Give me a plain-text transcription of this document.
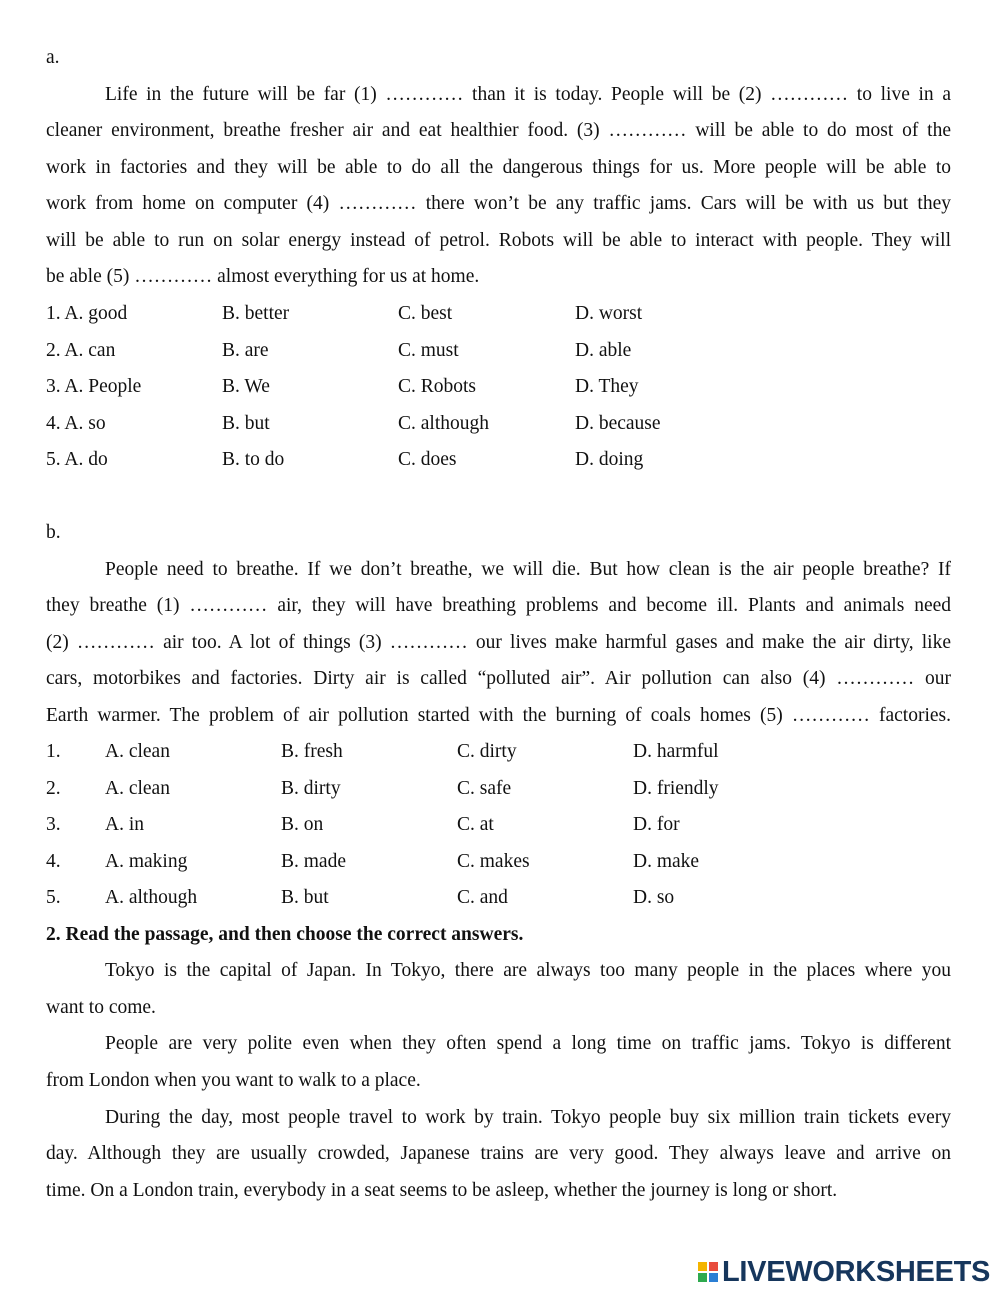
a.
Life in the future will be far (1) ………… than it is today. People will be (2) ………… to live in a
cleaner environment, breathe fresher air and eat healthier food. (3) ………… will be able to do most of the
work in factories and they will be able to do all the dangerous things for us. More people will be able to
work from home on computer (4) ………… there won’t be any traffic jams. Cars will be with us but they
will be able to run on solar energy instead of petrol. Robots will be able to interact with people. They will
be able (5) ………… almost everything for us at home.
1. A. good	B. better	C. best	D. worst
2. A. can	B. are	C. must	D. able
3. A. People	B. We	C. Robots	D. They
4. A. so	B. but	C. although	D. because
5. A. do	B. to do	C. does	D. doing
b.
People need to breathe. If we don’t breathe, we will die. But how clean is the air people breathe? If
they breathe (1) ………… air, they will have breathing problems and become ill. Plants and animals need
(2) ………… air too. A lot of things (3) ………… our lives make harmful gases and make the air dirty, like
cars, motorbikes and factories. Dirty air is called “polluted air”. Air pollution can also (4) ………… our
Earth warmer. The problem of air pollution started with the burning of coals homes (5) ………… factories.
1. A. clean	B. fresh	C. dirty	D. harmful
2. A. clean	B. dirty	C. safe	D. friendly
3. A. in	B. on	C. at	D. for
4. A. making	B. made	C. makes	D. make
5. A. although	B. but	C. and	D. so
2. Read the passage, and then choose the correct answers.
Tokyo is the capital of Japan. In Tokyo, there are always too many people in the places where you
want to come.
People are very polite even when they often spend a long time on traffic jams. Tokyo is different
from London when you want to walk to a place.
During the day, most people travel to work by train. Tokyo people buy six million train tickets every
day. Although they are usually crowded, Japanese trains are very good. They always leave and arrive on
time. On a London train, everybody in a seat seems to be asleep, whether the journey is long or short.
LIVEWORKSHEETS
